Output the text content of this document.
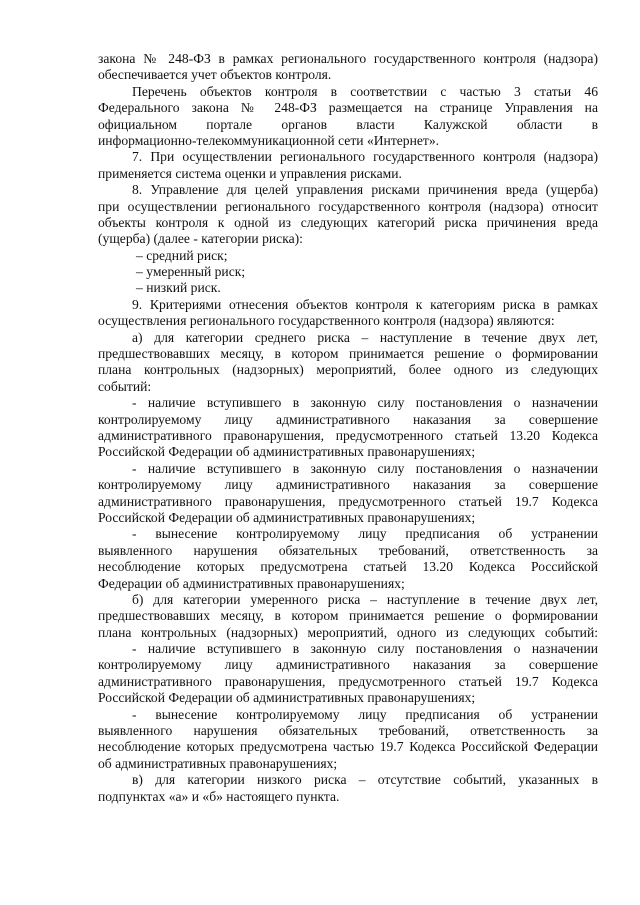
закона № 248-ФЗ в рамках регионального государственного контроля (надзора)
обеспечивается учет объектов контроля.
Перечень объектов контроля в соответствии с частью 3 статьи 46
Федерального закона № 248-ФЗ размещается на странице Управления на
официальном портале органов власти Калужской области в
информационно-телекоммуникационной сети «Интернет».
7. При осуществлении регионального государственного контроля (надзора)
применяется система оценки и управления рисками.
8. Управление для целей управления рисками причинения вреда (ущерба)
при осуществлении регионального государственного контроля (надзора) относит
объекты контроля к одной из следующих категорий риска причинения вреда
(ущерба) (далее - категории риска):
– средний риск;
– умеренный риск;
– низкий риск.
9. Критериями отнесения объектов контроля к категориям риска в рамках
осуществления регионального государственного контроля (надзора) являются:
а) для категории среднего риска – наступление в течение двух лет,
предшествовавших месяцу, в котором принимается решение о формировании
плана контрольных (надзорных) мероприятий, более одного из следующих
событий:
- наличие вступившего в законную силу постановления о назначении
контролируемому лицу административного наказания за совершение
административного правонарушения, предусмотренного статьей 13.20 Кодекса
Российской Федерации об административных правонарушениях;
- наличие вступившего в законную силу постановления о назначении
контролируемому лицу административного наказания за совершение
административного правонарушения, предусмотренного статьей 19.7 Кодекса
Российской Федерации об административных правонарушениях;
- вынесение контролируемому лицу предписания об устранении
выявленного нарушения обязательных требований, ответственность за
несоблюдение которых предусмотрена статьей 13.20 Кодекса Российской
Федерации об административных правонарушениях;
б) для категории умеренного риска – наступление в течение двух лет,
предшествовавших месяцу, в котором принимается решение о формировании
плана контрольных (надзорных) мероприятий, одного из следующих событий:
- наличие вступившего в законную силу постановления о назначении
контролируемому лицу административного наказания за совершение
административного правонарушения, предусмотренного статьей 19.7 Кодекса
Российской Федерации об административных правонарушениях;
- вынесение контролируемому лицу предписания об устранении
выявленного нарушения обязательных требований, ответственность за
несоблюдение которых предусмотрена частью 19.7 Кодекса Российской Федерации
об административных правонарушениях;
в) для категории низкого риска – отсутствие событий, указанных в
подпунктах «а» и «б» настоящего пункта.
